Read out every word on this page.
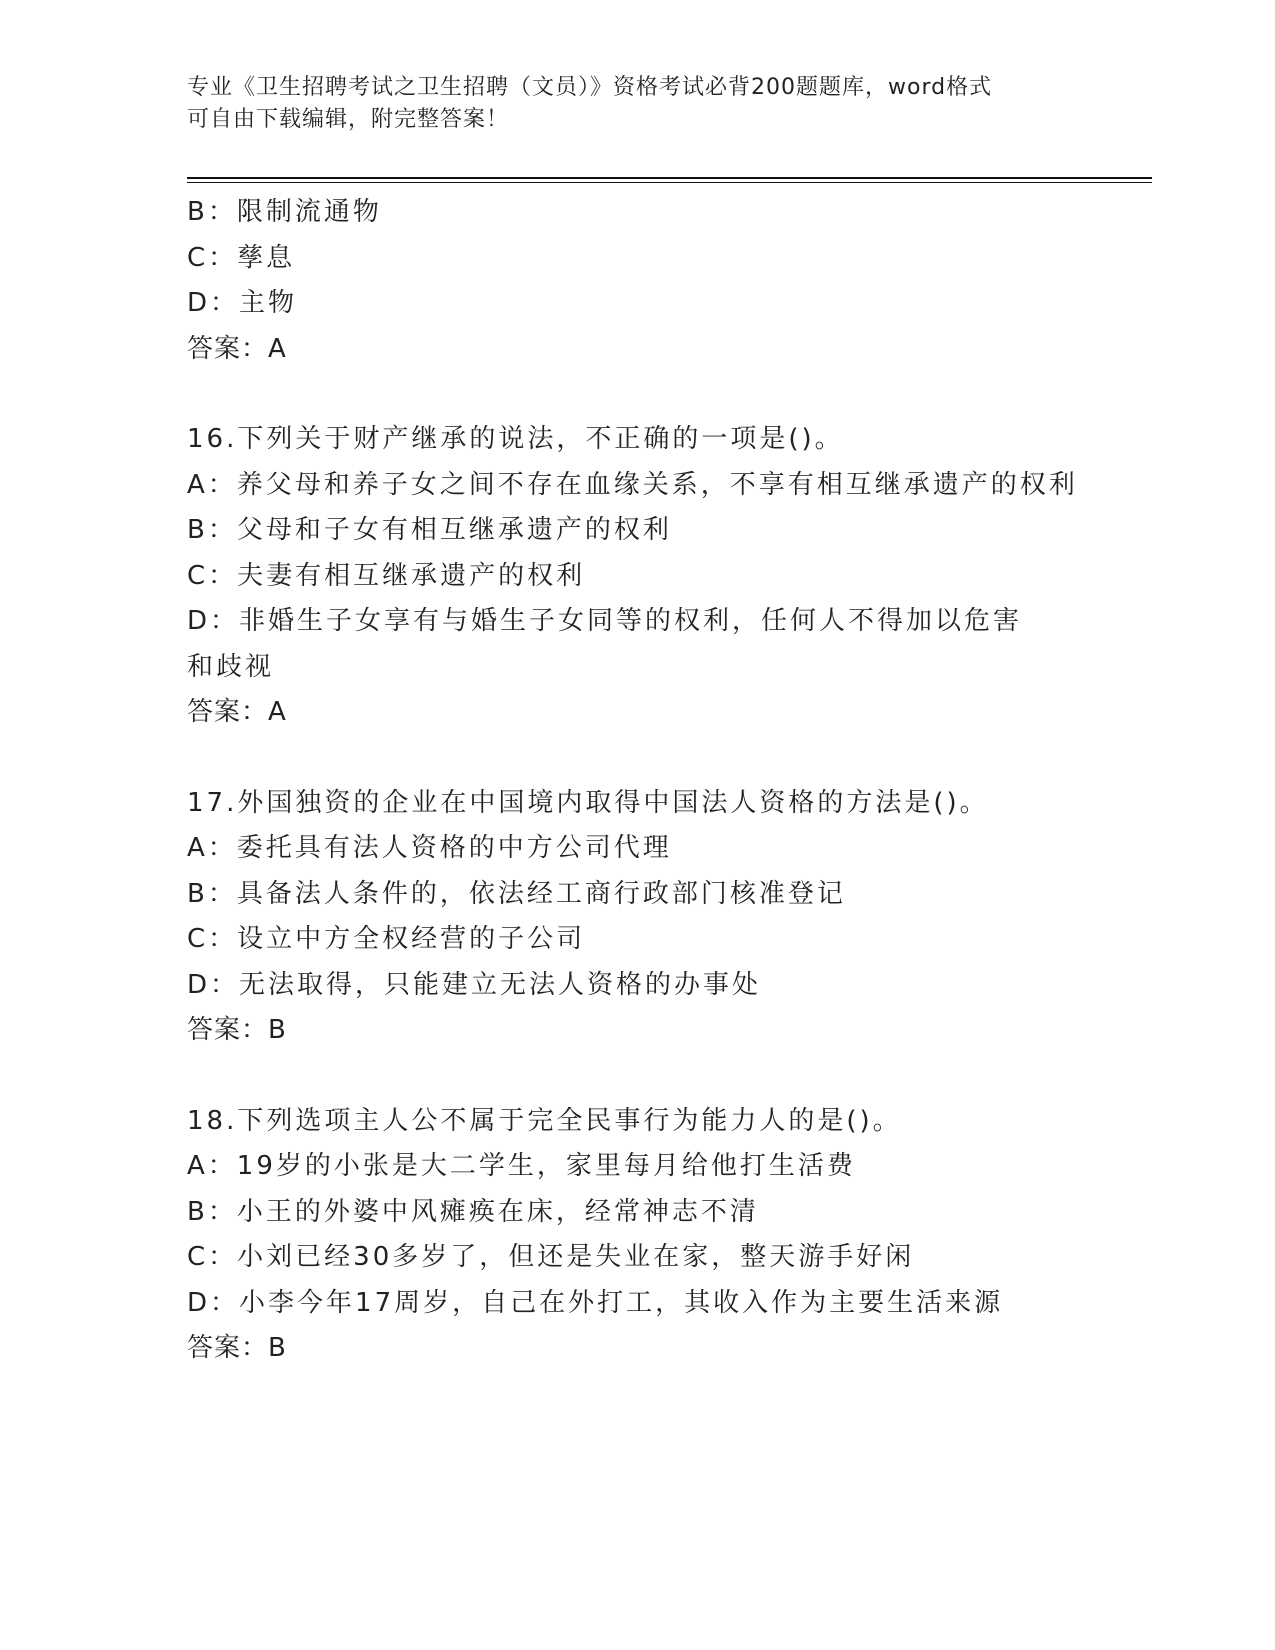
专业《卫生招聘考试之卫生招聘（文员）》资格考试必背200题题库，word格式
可自由下载编辑，附完整答案！
B：限制流通物
C：孳息
D：主物
答案：A
16.下列关于财产继承的说法，不正确的一项是()。
A：养父母和养子女之间不存在血缘关系，不享有相互继承遗产的权利
B：父母和子女有相互继承遗产的权利
C：夫妻有相互继承遗产的权利
D：非婚生子女享有与婚生子女同等的权利，任何人不得加以危害和歧视
答案：A
17.外国独资的企业在中国境内取得中国法人资格的方法是()。
A：委托具有法人资格的中方公司代理
B：具备法人条件的，依法经工商行政部门核准登记
C：设立中方全权经营的子公司
D：无法取得，只能建立无法人资格的办事处
答案：B
18.下列选项主人公不属于完全民事行为能力人的是()。
A：19岁的小张是大二学生，家里每月给他打生活费
B：小王的外婆中风瘫痪在床，经常神志不清
C：小刘已经30多岁了，但还是失业在家，整天游手好闲
D：小李今年17周岁，自己在外打工，其收入作为主要生活来源
答案：B
